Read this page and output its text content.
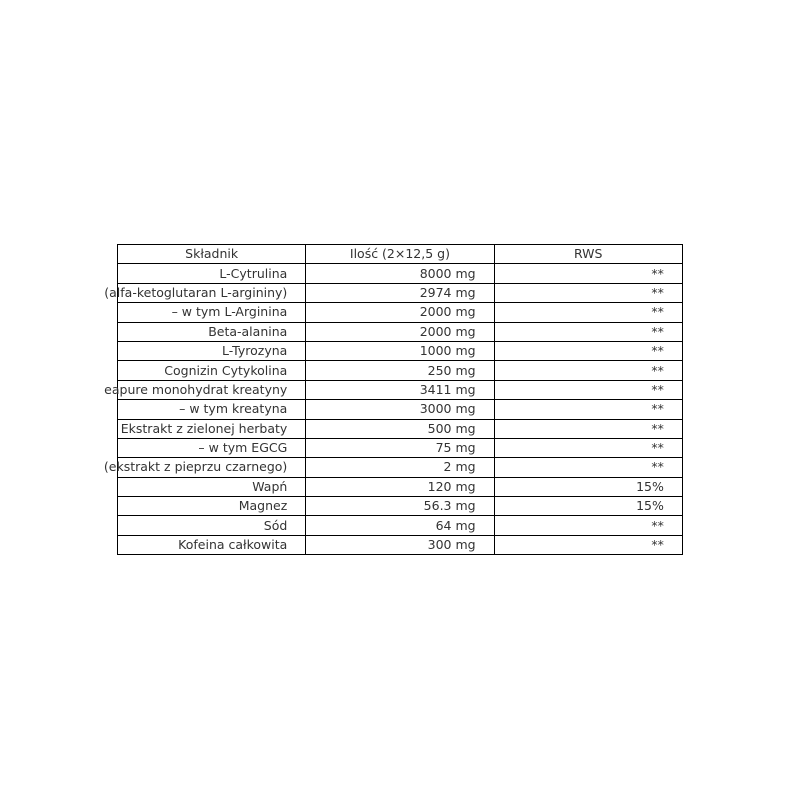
Składnik	Ilość (2×12,5 g)	RWS
L-Cytrulina	8000 mg	**
(alfa-ketoglutaran L-argininy)	2974 mg	**
– w tym L-Arginina	2000 mg	**
Beta-alanina	2000 mg	**
L-Tyrozyna	1000 mg	**
Cognizin Cytykolina	250 mg	**
eapure monohydrat kreatyny	3411 mg	**
– w tym kreatyna	3000 mg	**
Ekstrakt z zielonej herbaty	500 mg	**
– w tym EGCG	75 mg	**
(ekstrakt z pieprzu czarnego)	2 mg	**
Wapń	120 mg	15%
Magnez	56.3 mg	15%
Sód	64 mg	**
Kofeina całkowita	300 mg	**
